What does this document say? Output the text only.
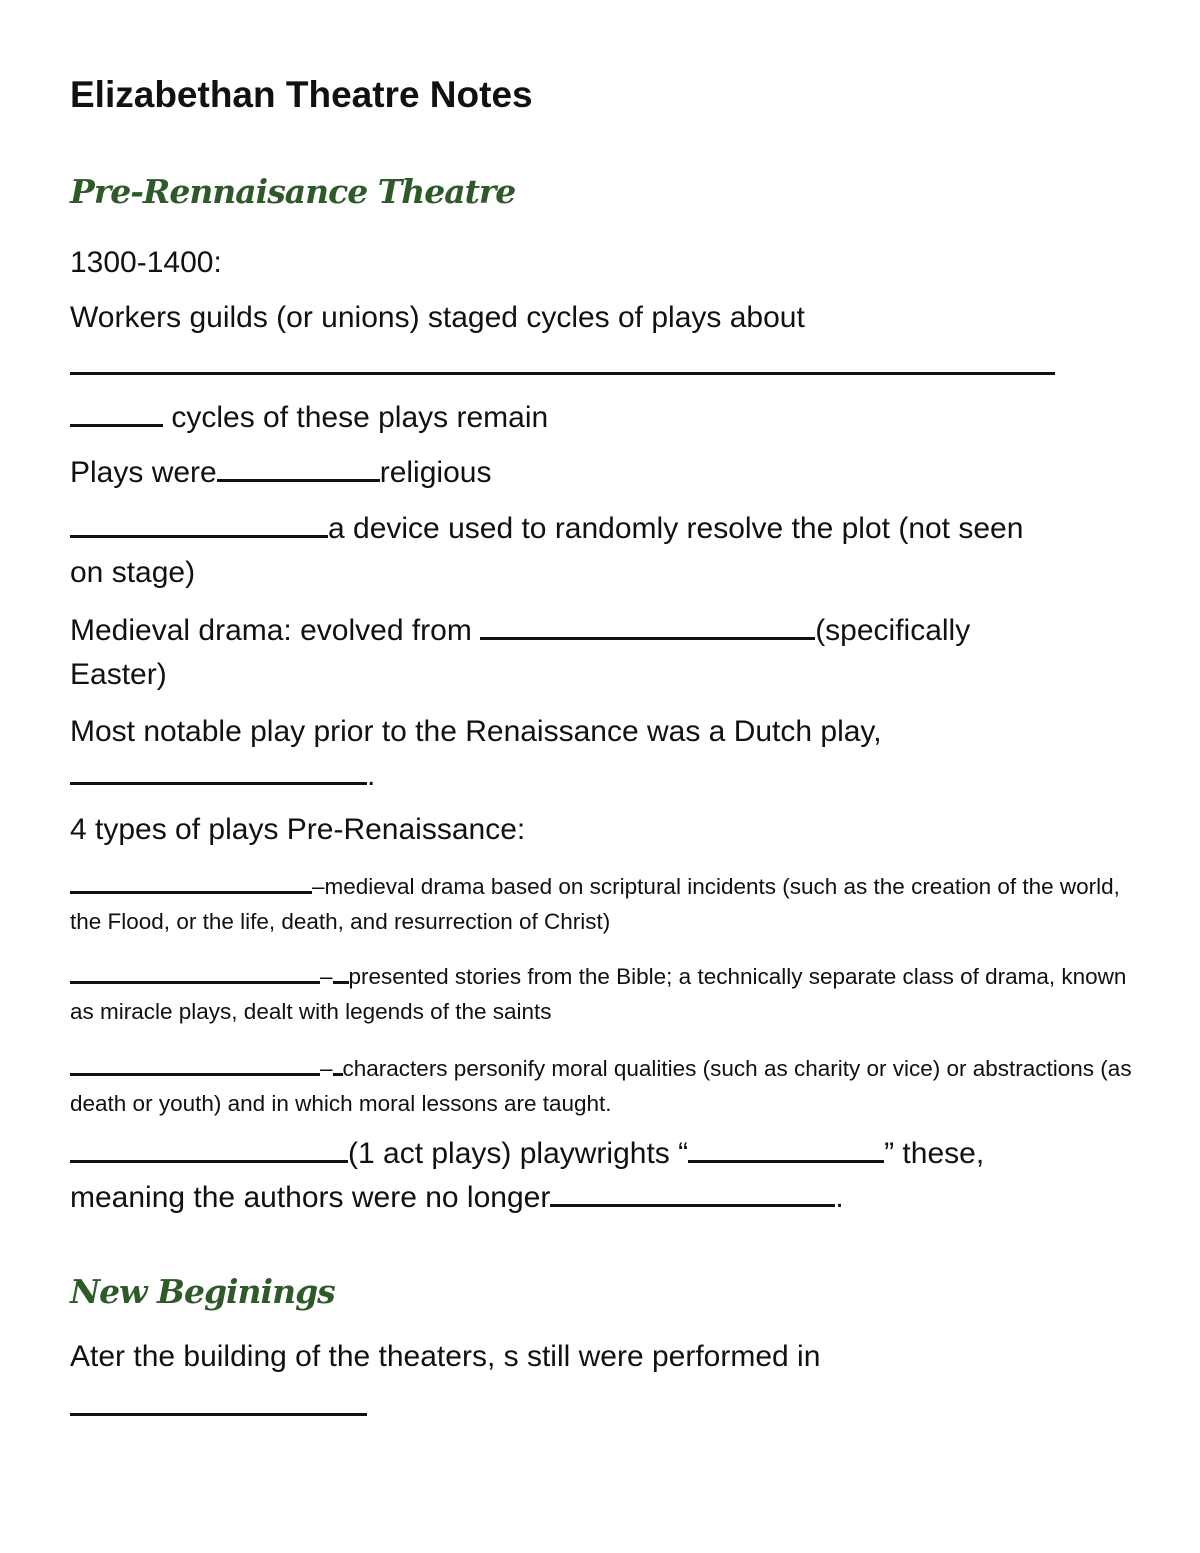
Elizabethan Theatre Notes
Pre-Rennaisance Theatre

1300-1400:

Workers guilds (or unions) staged cycles of plays about

cycles of these plays remain

Plays were	religious

a device used to randomly resolve the plot (not seen
on stage)
Medieval drama: evolved from	(specifically
Easter)
Most notable play prior to the Renaissance was a Dutch play,
.

4 types of plays Pre-Renaissance:

–medieval drama based on scriptural incidents (such as the creation of the world, the Flood, or the life, death, and resurrection of Christ)
– presented stories from the Bible; a technically separate class of drama, known as miracle plays, dealt with legends of the saints
– characters personify moral qualities (such as charity or vice) or abstractions (as death or youth) and in which moral lessons are taught.
(1 act plays) playwrights “	” these,
meaning the authors were no longer	.
New Beginings

Ater the building of the theaters, s still were performed in
